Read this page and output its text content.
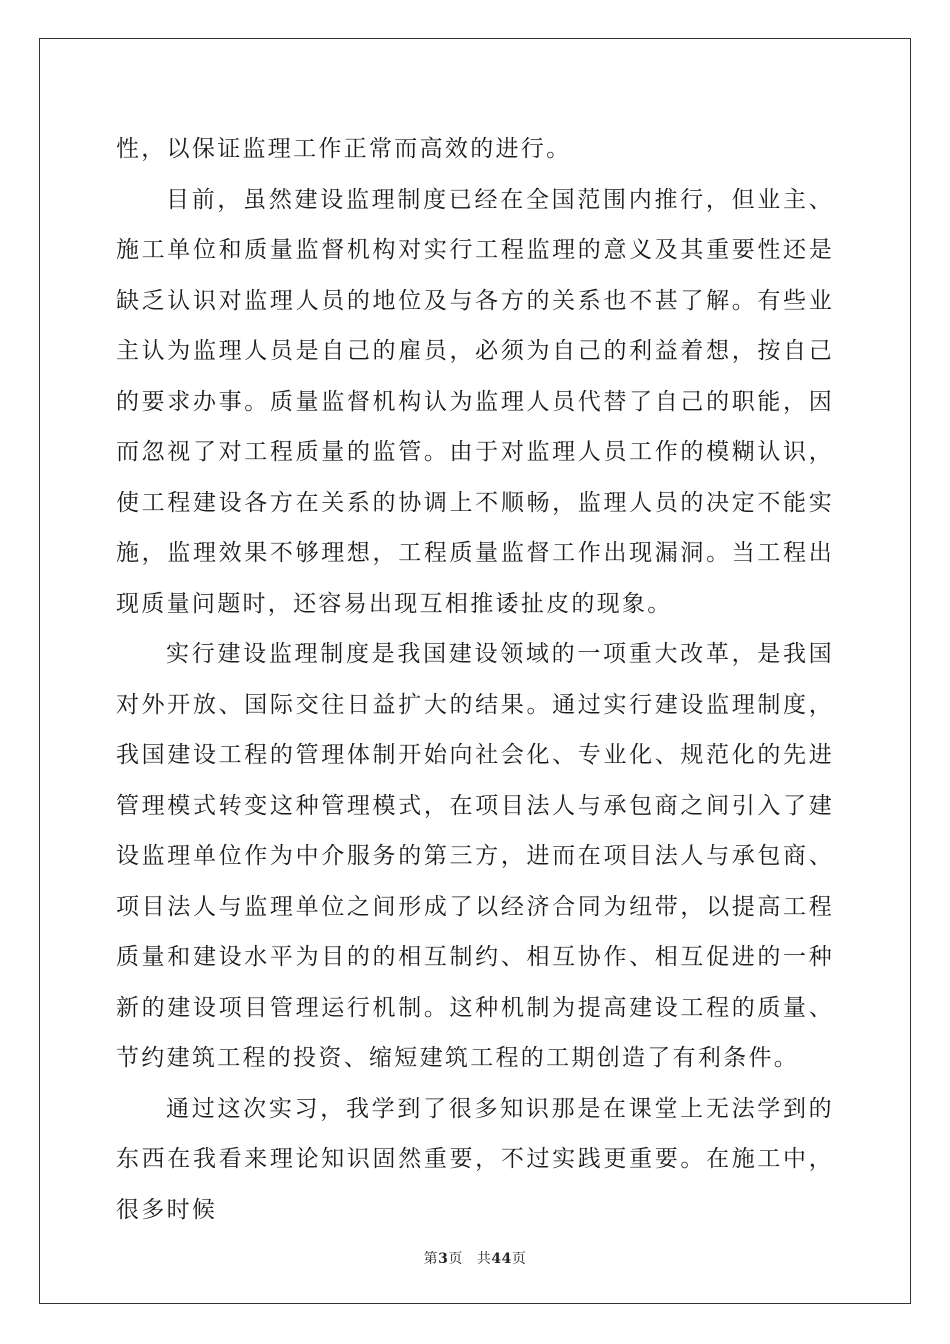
性，以保证监理工作正常而高效的进行。

目前，虽然建设监理制度已经在全国范围内推行，但业主、施工单位和质量监督机构对实行工程监理的意义及其重要性还是缺乏认识对监理人员的地位及与各方的关系也不甚了解。有些业主认为监理人员是自己的雇员，必须为自己的利益着想，按自己的要求办事。质量监督机构认为监理人员代替了自己的职能，因而忽视了对工程质量的监管。由于对监理人员工作的模糊认识，使工程建设各方在关系的协调上不顺畅，监理人员的决定不能实施，监理效果不够理想，工程质量监督工作出现漏洞。当工程出现质量问题时，还容易出现互相推诿扯皮的现象。

实行建设监理制度是我国建设领域的一项重大改革，是我国对外开放、国际交往日益扩大的结果。通过实行建设监理制度，我国建设工程的管理体制开始向社会化、专业化、规范化的先进管理模式转变这种管理模式，在项目法人与承包商之间引入了建设监理单位作为中介服务的第三方，进而在项目法人与承包商、项目法人与监理单位之间形成了以经济合同为纽带，以提高工程质量和建设水平为目的的相互制约、相互协作、相互促进的一种新的建设项目管理运行机制。这种机制为提高建设工程的质量、节约建筑工程的投资、缩短建筑工程的工期创造了有利条件。

通过这次实习，我学到了很多知识那是在课堂上无法学到的东西在我看来理论知识固然重要，不过实践更重要。在施工中，很多时候

第3页 共44页
